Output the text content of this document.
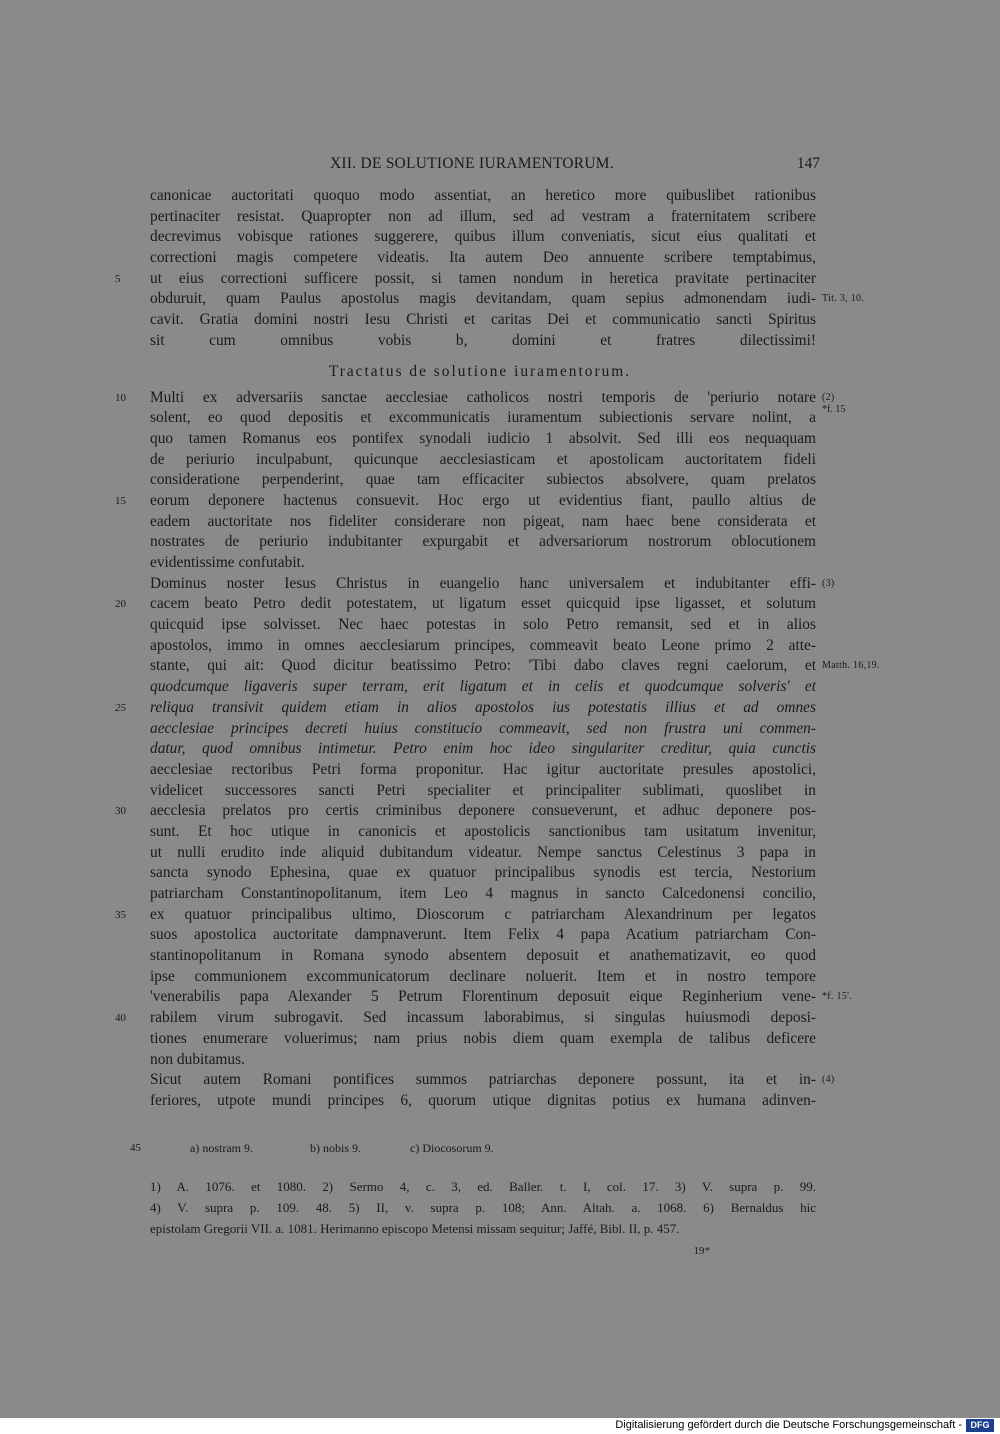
XII. DE SOLUTIONE IURAMENTORUM.	147
canonicae auctoritati quoquo modo assentiat, an heretico more quibuslibet rationibus
pertinaciter resistat. Quapropter non ad illum, sed ad vestram a fraternitatem scribere
decrevimus vobisque rationes suggerere, quibus illum conveniatis, sicut eius qualitati et
correctioni magis competere videatis. Ita autem Deo annuente scribere temptabimus,
ut eius correctioni sufficere possit, si tamen nondum in heretica pravitate pertinaciter
5
obduruit, quam Paulus apostolus magis devitandam, quam sepius admonendam iudi- Tit. 3, 10.
cavit. Gratia domini nostri Iesu Christi et caritas Dei et communicatio sancti Spiritus
sit cum omnibus vobis b, domini et fratres dilectissimi!
Tractatus de solutione iuramentorum.
Multi ex adversariis sanctae aecclesiae catholicos nostri temporis de 'periurio notare
10	(2)
*f. 15
solent, eo quod depositis et excommunicatis iuramentum subiectionis servare nolint, a
quo tamen Romanus eos pontifex synodali iudicio 1 absolvit. Sed illi eos nequaquam
de periurio inculpabunt, quicunque aecclesiasticam et apostolicam auctoritatem fideli
consideratione perpenderint, quae tam efficaciter subiectos absolvere, quam prelatos
eorum deponere hactenus consuevit. Hoc ergo ut evidentius fiant, paullo altius de
15
eadem auctoritate nos fideliter considerare non pigeat, nam haec bene considerata et
nostrates de periurio indubitanter expurgabit et adversariorum nostrorum oblocutionem
evidentissime confutabit.
Dominus noster Iesus Christus in euangelio hanc universalem et indubitanter effi- (3)
cacem beato Petro dedit potestatem, ut ligatum esset quicquid ipse ligasset, et solutum
20
quicquid ipse solvisset. Nec haec potestas in solo Petro remansit, sed et in alios
apostolos, immo in omnes aecclesiarum principes, commeavit beato Leone primo 2 atte-
stante, qui ait: Quod dicitur beatissimo Petro: 'Tibi dabo claves regni caelorum, et Matth. 16,19.
quodcumque ligaveris super terram, erit ligatum et in celis et quodcumque solveris' et
reliqua transivit quidem etiam in alios apostolos ius potestatis illius et ad omnes
25
aecclesiae principes decreti huius constitucio commeavit, sed non frustra uni commen-
datur, quod omnibus intimetur. Petro enim hoc ideo singulariter creditur, quia cunctis
aecclesiae rectoribus Petri forma proponitur. Hac igitur auctoritate presules apostolici,
videlicet successores sancti Petri specialiter et principaliter sublimati, quoslibet in
aecclesia prelatos pro certis criminibus deponere consueverunt, et adhuc deponere pos-
30
sunt. Et hoc utique in canonicis et apostolicis sanctionibus tam usitatum invenitur,
ut nulli erudito inde aliquid dubitandum videatur. Nempe sanctus Celestinus 3 papa in
sancta synodo Ephesina, quae ex quatuor principalibus synodis est tercia, Nestorium
patriarcham Constantinopolitanum, item Leo 4 magnus in sancto Calcedonensi concilio,
ex quatuor principalibus ultimo, Dioscorum c patriarcham Alexandrinum per legatos
35
suos apostolica auctoritate dampnaverunt. Item Felix 4 papa Acatium patriarcham Con-
stantinopolitanum in Romana synodo absentem deposuit et anathematizavit, eo quod
ipse communionem excommunicatorum declinare noluerit. Item et in nostro tempore
'venerabilis papa Alexander 5 Petrum Florentinum deposuit eique Reginherium vene- *f. 15'.
rabilem virum subrogavit. Sed incassum laborabimus, si singulas huiusmodi deposi-
40
tiones enumerare voluerimus; nam prius nobis diem quam exempla de talibus deficere
non dubitamus.
Sicut autem Romani pontifices summos patriarchas deponere possunt, ita et in- (4)
feriores, utpote mundi principes 6, quorum utique dignitas potius ex humana adinven-
45	a) nostram 9.	b) nobis 9.	c) Diocosorum 9.
1) A. 1076. et 1080. 2) Sermo 4, c. 3, ed. Baller. t. I, col. 17. 3) V. supra p. 99.
4) V. supra p. 109. 48. 5) II, v. supra p. 108; Ann. Altah. a. 1068. 6) Bernaldus hic
epistolam Gregorii VII. a. 1081. Herimanno episcopo Metensi missam sequitur; Jaffé, Bibl. II, p. 457.
19*
Digitalisierung gefördert durch die Deutsche Forschungsgemeinschaft - DFG
